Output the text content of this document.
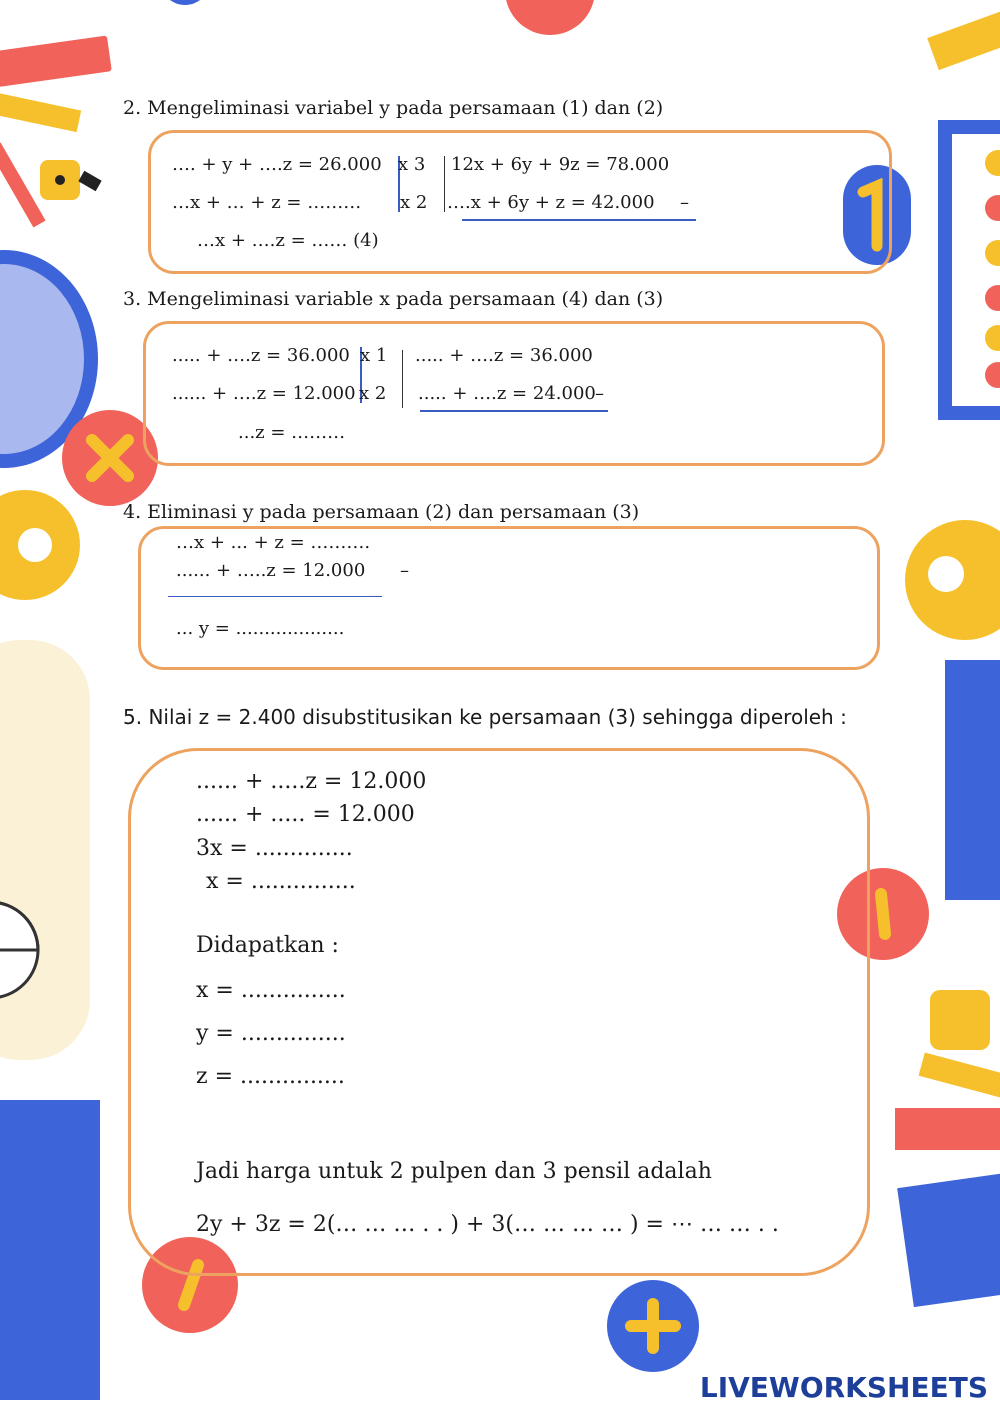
2. Mengeliminasi variabel y pada persamaan (1) dan (2)
…. + y + ….z = 26.000
…x + … + z = ………
…x + ….z = …… (4)
x 3
x 2
12x + 6y + 9z = 78.000
….x + 6y + z = 42.000 –
3. Mengeliminasi variable x pada persamaan (4) dan (3)
..... + ….z = 36.000
...... + ….z = 12.000
...z = ………
x 1
x 2
..... + ….z = 36.000
..... + ….z = 24.000 –
4. Eliminasi y pada persamaan (2) dan persamaan (3)
…x + ... + z = ……….
...... + …..z = 12.000 –
... y = ...................
5. Nilai z = 2.400 disubstitusikan ke persamaan (3) sehingga diperoleh :
...... + .....z = 12.000
...... + ..... = 12.000
3x = ..............
x = ...............
Didapatkan :
x = ...............
y = ...............
z = ...............
Jadi harga untuk 2 pulpen dan 3 pensil adalah
2y + 3z = 2(… … … . . ) + 3(… … … … ) = ⋯ … … . .
LIVEWORKSHEETS
